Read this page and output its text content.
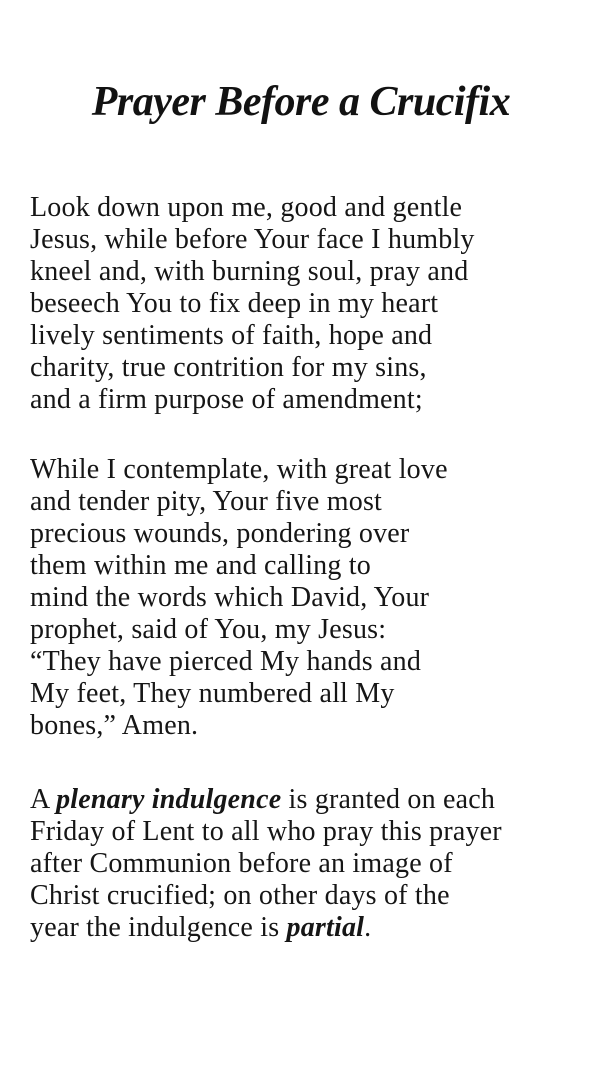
Prayer Before a Crucifix
Look down upon me, good and gentle
Jesus, while before Your face I humbly
kneel and, with burning soul, pray and
beseech You to fix deep in my heart
lively sentiments of faith, hope and
charity, true contrition for my sins,
and a firm purpose of amendment;
While I contemplate, with great love
and tender pity, Your five most
precious wounds, pondering over
them within me and calling to
mind the words which David, Your
prophet, said of You, my Jesus:
“They have pierced My hands and
My feet, They numbered all My
bones,” Amen.
A plenary indulgence is granted on each
Friday of Lent to all who pray this prayer
after Communion before an image of
Christ crucified; on other days of the
year the indulgence is partial.
